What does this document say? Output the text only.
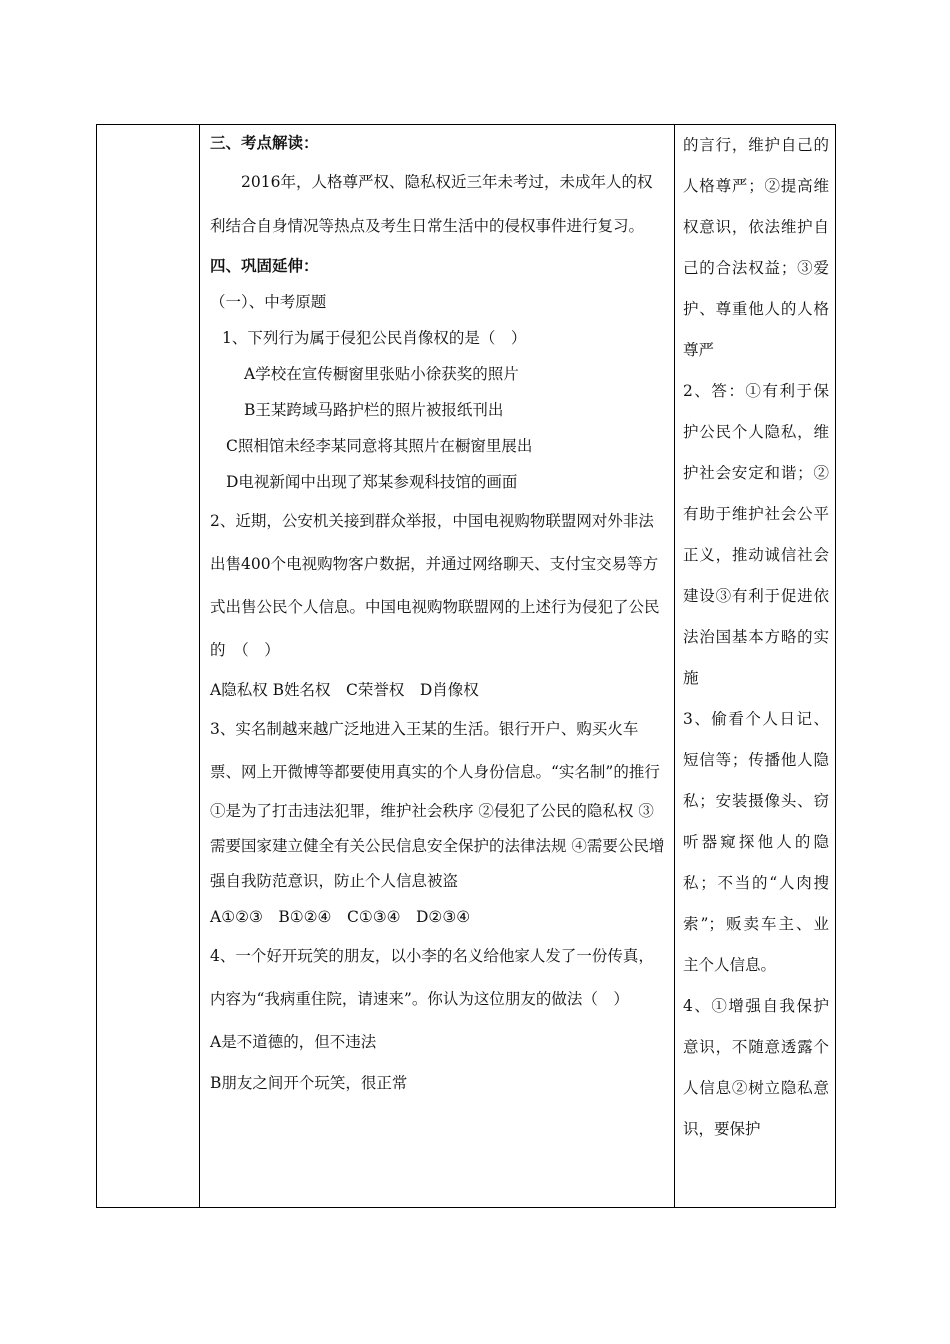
三、考点解读：

2016年，人格尊严权、隐私权近三年未考过，未成年人的权利结合自身情况等热点及考生日常生活中的侵权事件进行复习。

四、巩固延伸：

（一）、中考原题

1、下列行为属于侵犯公民肖像权的是（　）

A学校在宣传橱窗里张贴小徐获奖的照片

B王某跨域马路护栏的照片被报纸刊出

C照相馆未经李某同意将其照片在橱窗里展出

D电视新闻中出现了郑某参观科技馆的画面

2、近期，公安机关接到群众举报，中国电视购物联盟网对外非法出售400个电视购物客户数据，并通过网络聊天、支付宝交易等方式出售公民个人信息。中国电视购物联盟网的上述行为侵犯了公民的　（　）

A隐私权 B姓名权　C荣誉权　D肖像权

3、实名制越来越广泛地进入王某的生活。银行开户、购买火车票、网上开微博等都要使用真实的个人身份信息。“实名制”的推行

①是为了打击违法犯罪，维护社会秩序 ②侵犯了公民的隐私权 ③需要国家建立健全有关公民信息安全保护的法律法规 ④需要公民增强自我防范意识，防止个人信息被盗

A①②③　B①②④　C①③④　D②③④

4、一个好开玩笑的朋友，以小李的名义给他家人发了一份传真，内容为“我病重住院，请速来”。你认为这位朋友的做法（　）

A是不道德的，但不违法

B朋友之间开个玩笑，很正常

的言行，维护自己的人格尊严；②提高维权意识，依法维护自己的合法权益；③爱护、尊重他人的人格尊严

2、答：①有利于保护公民个人隐私，维护社会安定和谐；②有助于维护社会公平正义，推动诚信社会建设③有利于促进依法治国基本方略的实施

3、偷看个人日记、短信等；传播他人隐私；安装摄像头、窃听器窥探他人的隐私；不当的“人肉搜索”；贩卖车主、业主个人信息。

4、①增强自我保护意识，不随意透露个人信息②树立隐私意识，要保护
